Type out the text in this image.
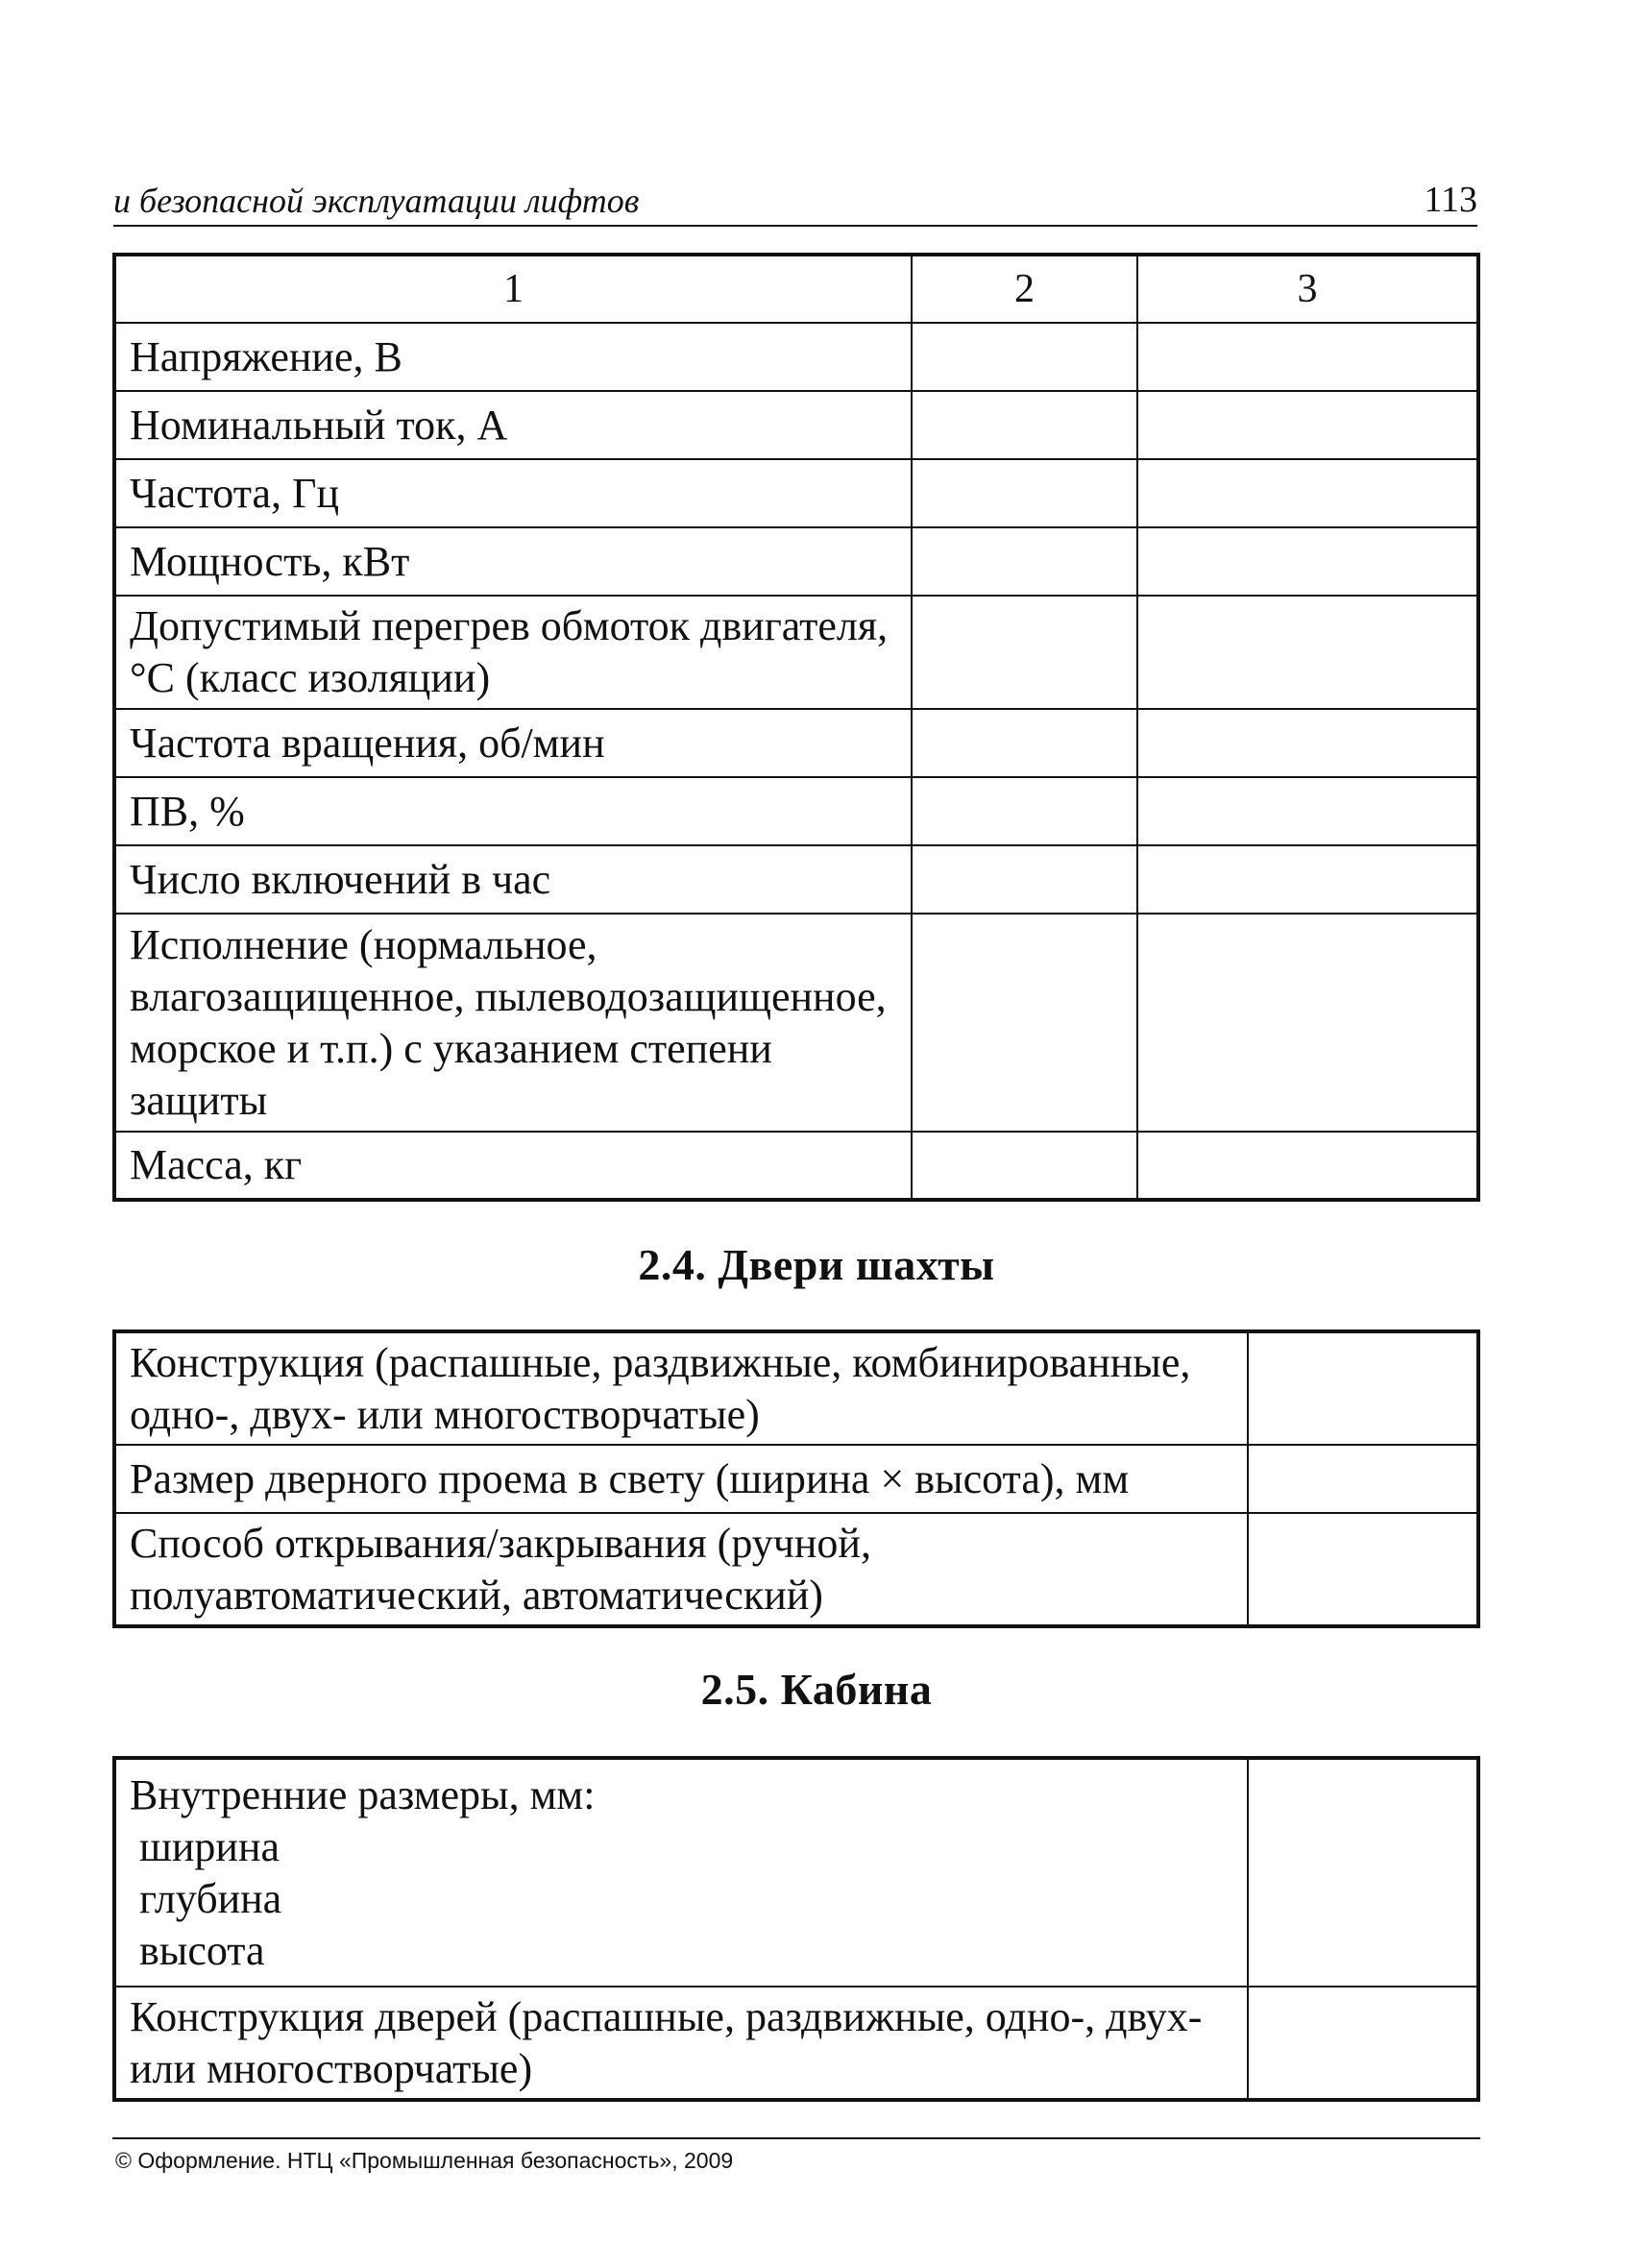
и безопасной эксплуатации лифтов	113
1	2	3
Напряжение, В		
Номинальный ток, А		
Частота, Гц		
Мощность, кВт		
Допустимый перегрев обмоток двигателя, °С (класс изоляции)		
Частота вращения, об/мин		
ПВ, %		
Число включений в час		
Исполнение (нормальное, влагозащищенное, пылеводозащищенное, морское и т.п.) с указанием степени защиты		
Масса, кг		
2.4. Двери шахты
Конструкция (распашные, раздвижные, комбинированные, одно-, двух- или многостворчатые)	
Размер дверного проема в свету (ширина × высота), мм	
Способ открывания/закрывания (ручной, полуавтоматический, автоматический)	
2.5. Кабина
Внутренние размеры, мм:
ширина
глубина
высота	

Конструкция дверей (распашные, раздвижные, одно-, двух- или многостворчатые)	
© Оформление. НТЦ «Промышленная безопасность», 2009
